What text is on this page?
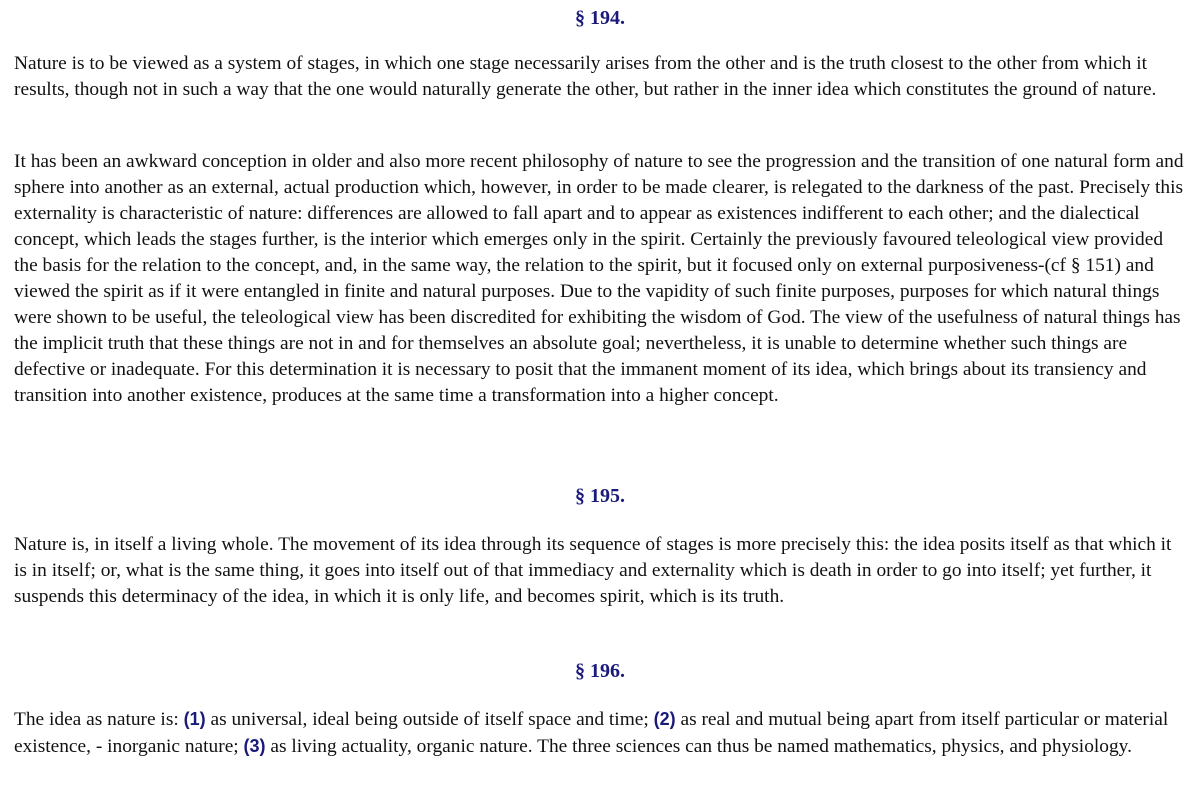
§ 194.

Nature is to be viewed as a system of stages, in which one stage necessarily arises from the other and is the truth closest to the other from which it results, though not in such a way that the one would naturally generate the other, but rather in the inner idea which constitutes the ground of nature.

It has been an awkward conception in older and also more recent philosophy of nature to see the progression and the transition of one natural form and sphere into another as an external, actual production which, however, in order to be made clearer, is relegated to the darkness of the past. Precisely this externality is characteristic of nature: differences are allowed to fall apart and to appear as existences indifferent to each other; and the dialectical concept, which leads the stages further, is the interior which emerges only in the spirit. Certainly the previously favoured teleological view provided the basis for the relation to the concept, and, in the same way, the relation to the spirit, but it focused only on external purposiveness-(cf § 151) and viewed the spirit as if it were entangled in finite and natural purposes. Due to the vapidity of such finite purposes, purposes for which natural things were shown to be useful, the teleological view has been discredited for exhibiting the wisdom of God. The view of the usefulness of natural things has the implicit truth that these things are not in and for themselves an absolute goal; nevertheless, it is unable to determine whether such things are defective or inadequate. For this determination it is necessary to posit that the immanent moment of its idea, which brings about its transiency and transition into another existence, produces at the same time a transformation into a higher concept.

§ 195.

Nature is, in itself a living whole. The movement of its idea through its sequence of stages is more precisely this: the idea posits itself as that which it is in itself; or, what is the same thing, it goes into itself out of that immediacy and externality which is death in order to go into itself; yet further, it suspends this determinacy of the idea, in which it is only life, and becomes spirit, which is its truth.

§ 196.

The idea as nature is: (1) as universal, ideal being outside of itself space and time; (2) as real and mutual being apart from itself particular or material existence, - inorganic nature; (3) as living actuality, organic nature. The three sciences can thus be named mathematics, physics, and physiology.
